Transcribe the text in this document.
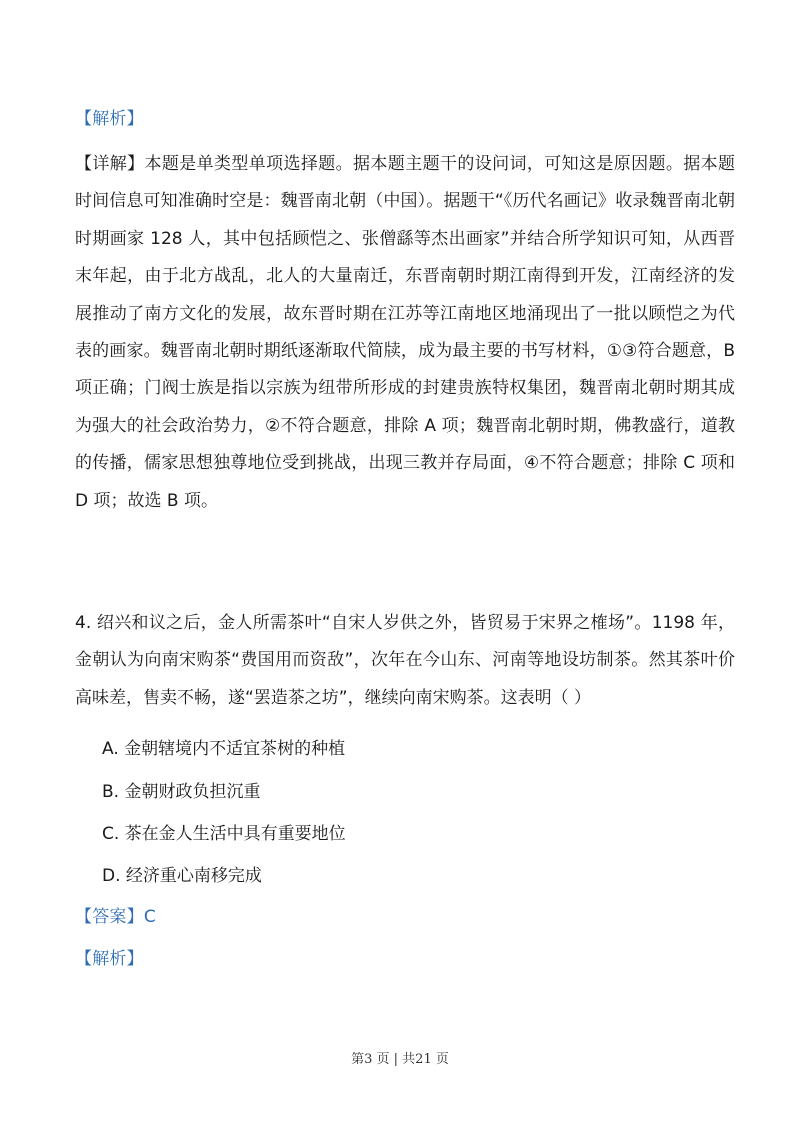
【解析】
【详解】本题是单类型单项选择题。据本题主题干的设问词，可知这是原因题。据本题时间信息可知准确时空是：魏晋南北朝（中国）。据题干“《历代名画记》收录魏晋南北朝时期画家 128 人，其中包括顾恺之、张僧繇等杰出画家”并结合所学知识可知，从西晋末年起，由于北方战乱，北人的大量南迁，东晋南朝时期江南得到开发，江南经济的发展推动了南方文化的发展，故东晋时期在江苏等江南地区地涌现出了一批以顾恺之为代表的画家。魏晋南北朝时期纸逐渐取代简牍，成为最主要的书写材料，①③符合题意，B 项正确；门阀士族是指以宗族为纽带所形成的封建贵族特权集团，魏晋南北朝时期其成为强大的社会政治势力，②不符合题意，排除 A 项；魏晋南北朝时期，佛教盛行，道教的传播，儒家思想独尊地位受到挑战，出现三教并存局面，④不符合题意；排除 C 项和 D 项；故选 B 项。
4. 绍兴和议之后，金人所需茶叶“自宋人岁供之外，皆贸易于宋界之榷场”。1198 年，金朝认为向南宋购茶“费国用而资敌”，次年在今山东、河南等地设坊制茶。然其茶叶价高味差，售卖不畅，遂“罢造茶之坊”，继续向南宋购茶。这表明（ ）
A. 金朝辖境内不适宜茶树的种植
B. 金朝财政负担沉重
C. 茶在金人生活中具有重要地位
D. 经济重心南移完成
【答案】C
【解析】
第3 页 | 共21 页
